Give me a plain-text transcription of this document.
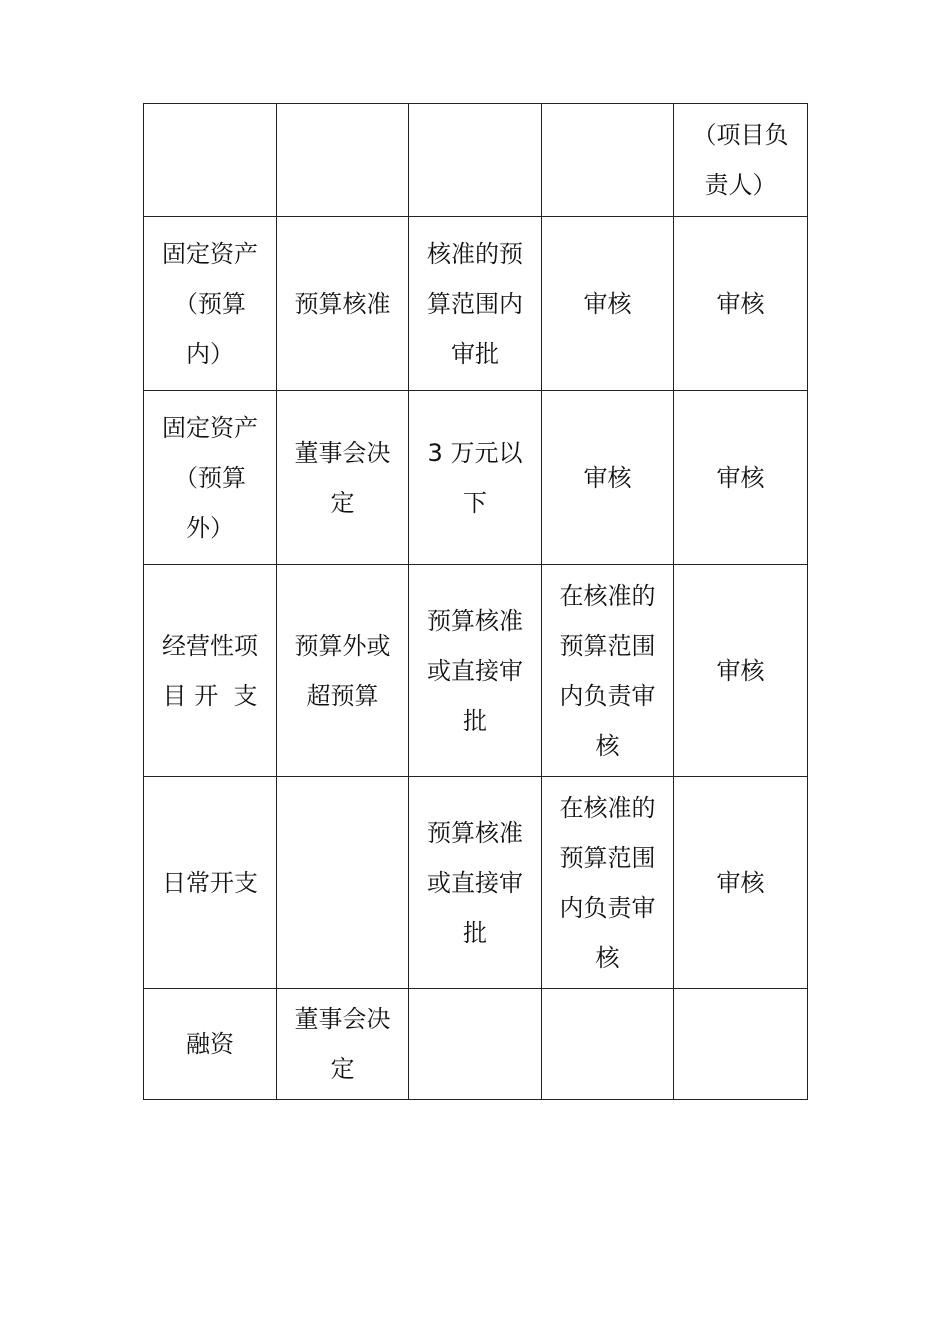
				（项目负 责人）
固定资产 （预算 内）	预算核准	核准的预 算范围内 审批	审核	审核
固定资产 （预算 外）	董事会决 定	3 万元以 下	审核	审核
经营性项 目 开  支	预算外或 超预算	预算核准 或直接审 批	在核准的 预算范围 内负责审 核	审核
日常开支		预算核准 或直接审 批	在核准的 预算范围 内负责审 核	审核
融资	董事会决 定			
